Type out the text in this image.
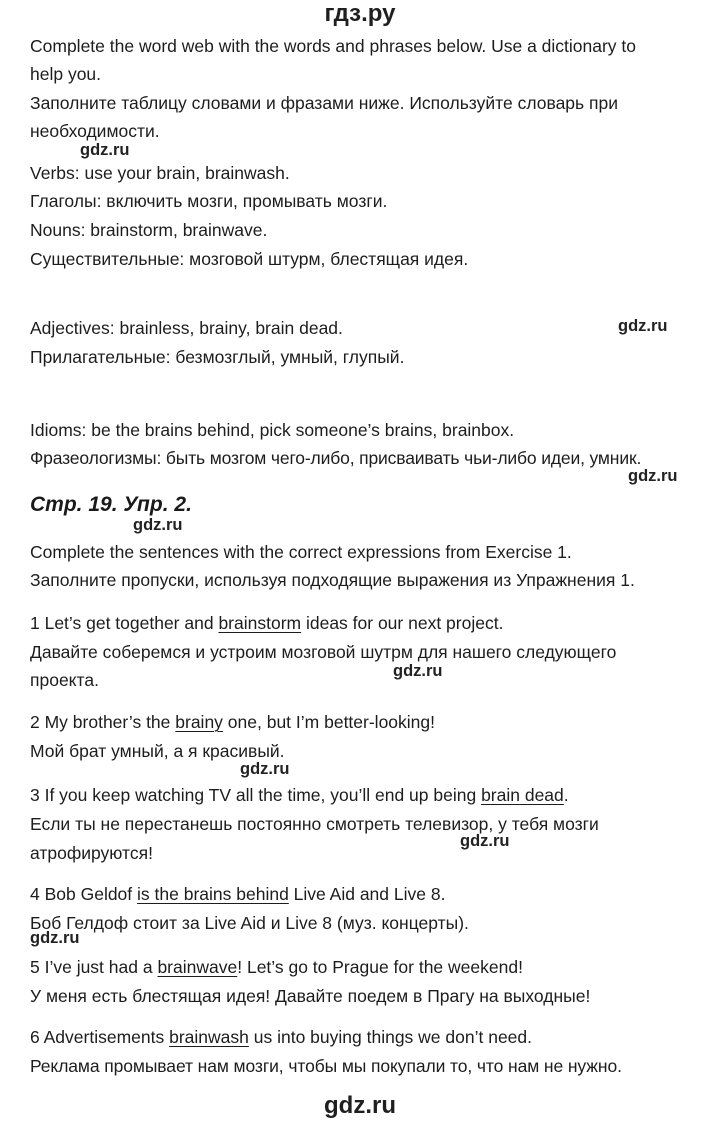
гдз.ру

Complete the word web with the words and phrases below. Use a dictionary to

help you.

Заполните таблицу словами и фразами ниже. Используйте словарь при

необходимости.

gdz.ru

Verbs: use your brain, brainwash.

Глаголы: включить мозги, промывать мозги.

Nouns: brainstorm, brainwave.

Существительные: мозговой штурм, блестящая идея.

Adjectives: brainless, brainy, brain dead.	gdz.ru

Прилагательные: безмозглый, умный, глупый.

Idioms: be the brains behind, pick someone’s brains, brainbox.

Фразеологизмы: быть мозгом чего-либо, присваивать чьи-либо идеи, умник.

gdz.ru
Стр. 19. Упр. 2.
gdz.ru

Complete the sentences with the correct expressions from Exercise 1.

Заполните пропуски, используя подходящие выражения из Упражнения 1.

1 Let’s get together and brainstorm ideas for our next project.

Давайте соберемся и устроим мозговой шутрм для нашего следующего

проекта.	gdz.ru

2 My brother’s the brainy one, but I’m better-looking!

Мой брат умный, а я красивый.

gdz.ru

3 If you keep watching TV all the time, you’ll end up being brain dead.

Если ты не перестанешь постоянно смотреть телевизор, у тебя мозги

gdz.ru

атрофируются!

4 Bob Geldof is the brains behind Live Aid and Live 8.

Боб Гелдоф стоит за Live Aid и Live 8 (муз. концерты).

gdz.ru

5 I’ve just had a brainwave! Let’s go to Prague for the weekend!

У меня есть блестящая идея! Давайте поедем в Прагу на выходные!

6 Advertisements brainwash us into buying things we don’t need.

Реклама промывает нам мозги, чтобы мы покупали то, что нам не нужно.

gdz.ru
